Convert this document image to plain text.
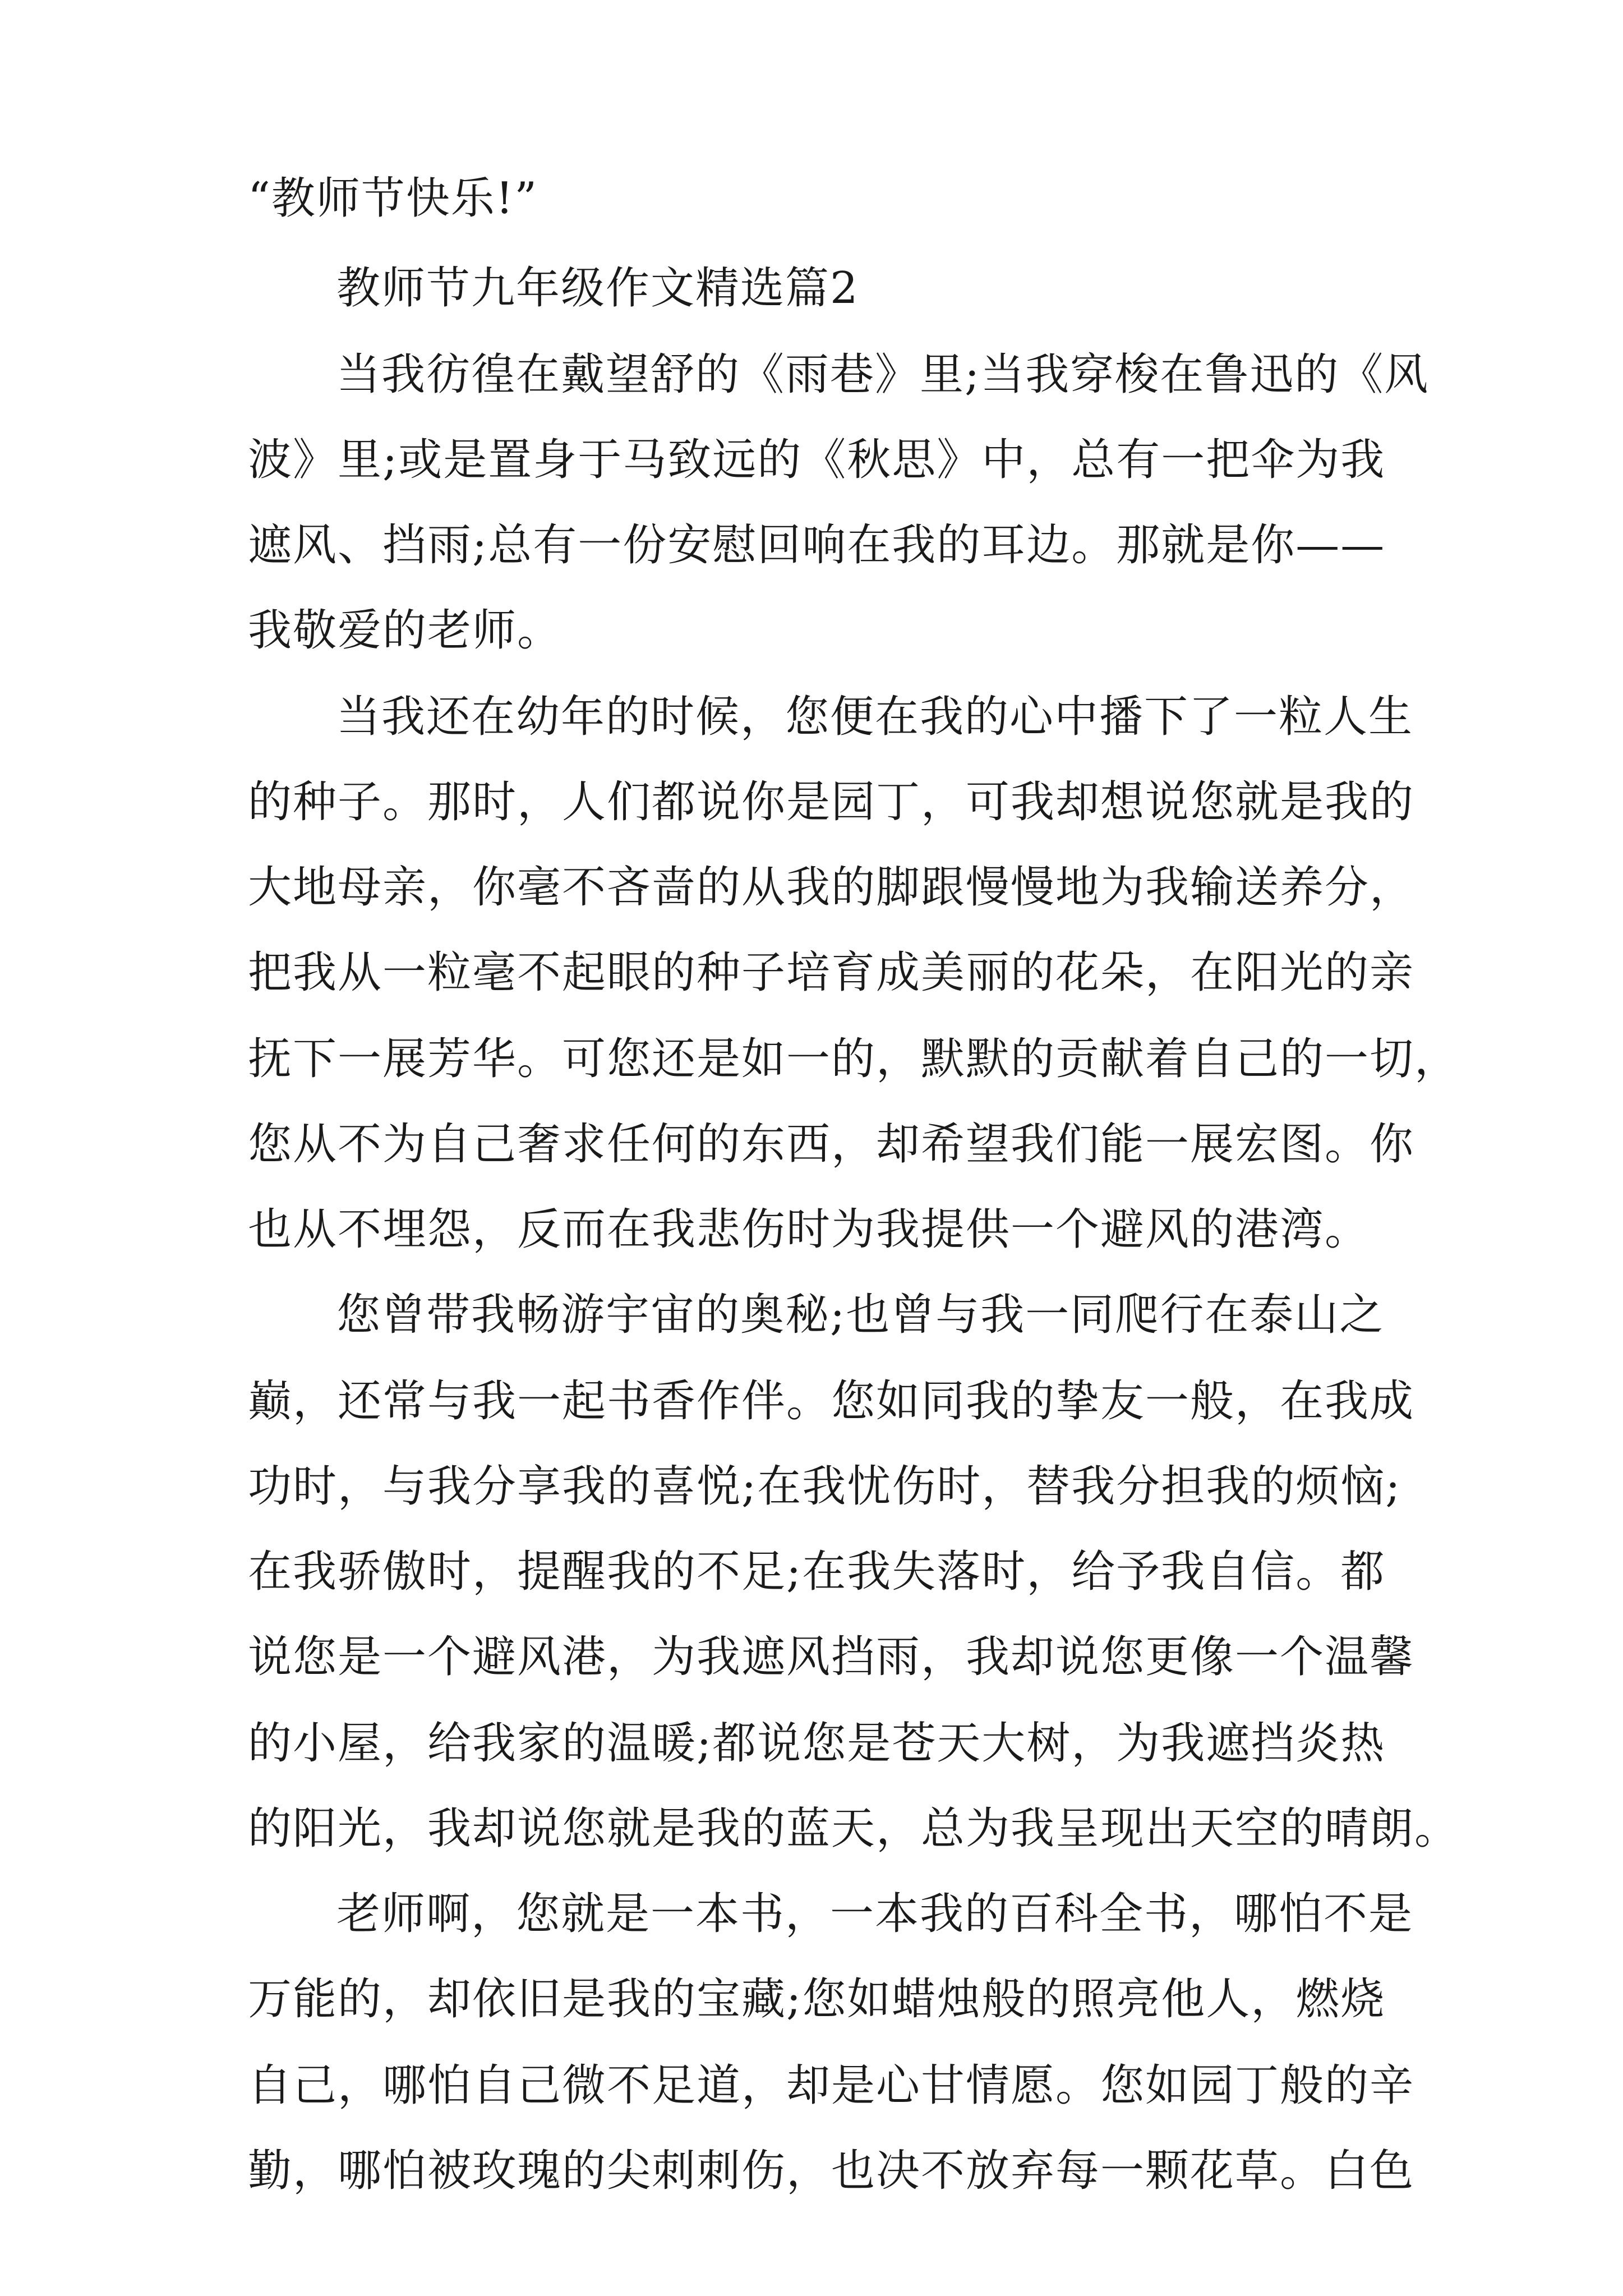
“教师节快乐!”
教师节九年级作文精选篇2
当我彷徨在戴望舒的《雨巷》里;当我穿梭在鲁迅的《风
波》里;或是置身于马致远的《秋思》中，总有一把伞为我
遮风、挡雨;总有一份安慰回响在我的耳边。那就是你——
我敬爱的老师。
当我还在幼年的时候，您便在我的心中播下了一粒人生
的种子。那时，人们都说你是园丁，可我却想说您就是我的
大地母亲，你毫不吝啬的从我的脚跟慢慢地为我输送养分，
把我从一粒毫不起眼的种子培育成美丽的花朵，在阳光的亲
抚下一展芳华。可您还是如一的，默默的贡献着自己的一切，
您从不为自己奢求任何的东西，却希望我们能一展宏图。你
也从不埋怨，反而在我悲伤时为我提供一个避风的港湾。
您曾带我畅游宇宙的奥秘;也曾与我一同爬行在泰山之
巅，还常与我一起书香作伴。您如同我的挚友一般，在我成
功时，与我分享我的喜悦;在我忧伤时，替我分担我的烦恼;
在我骄傲时，提醒我的不足;在我失落时，给予我自信。都
说您是一个避风港，为我遮风挡雨，我却说您更像一个温馨
的小屋，给我家的温暖;都说您是苍天大树，为我遮挡炎热
的阳光，我却说您就是我的蓝天，总为我呈现出天空的晴朗。
老师啊，您就是一本书，一本我的百科全书，哪怕不是
万能的，却依旧是我的宝藏;您如蜡烛般的照亮他人，燃烧
自己，哪怕自己微不足道，却是心甘情愿。您如园丁般的辛
勤，哪怕被玫瑰的尖刺刺伤，也决不放弃每一颗花草。白色
